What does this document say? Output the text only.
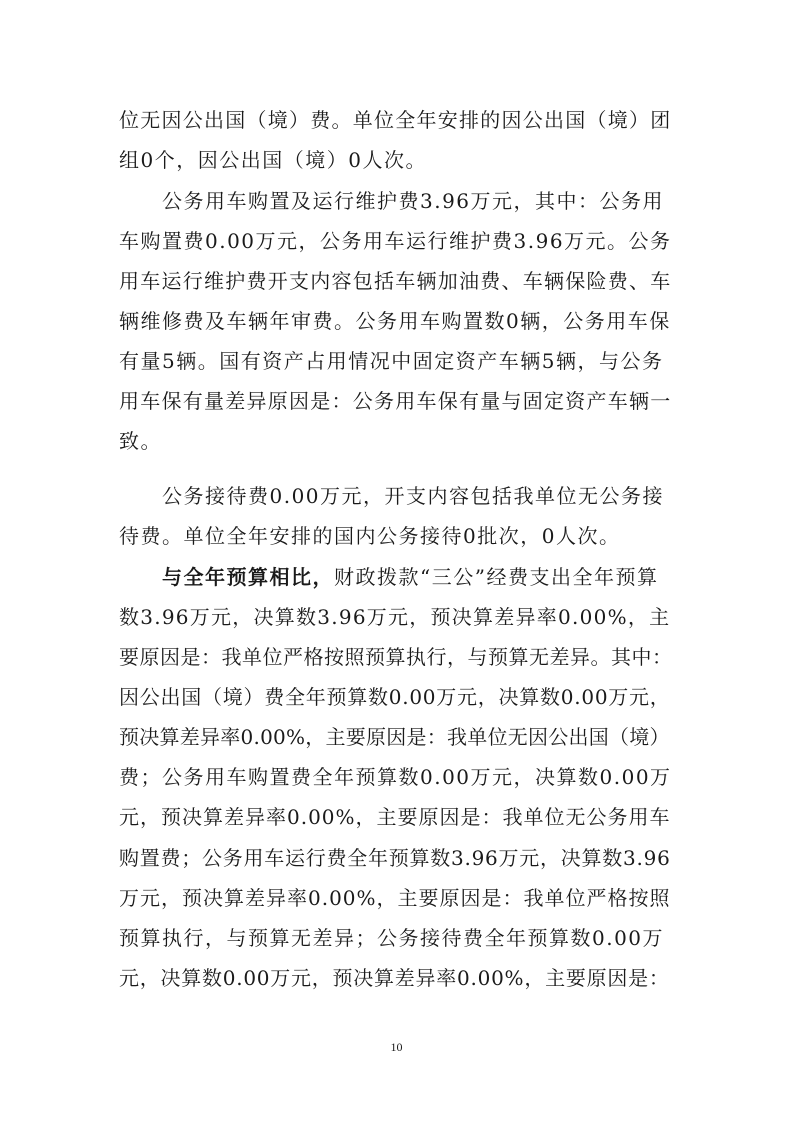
位无因公出国（境）费。单位全年安排的因公出国（境）团
组0个，因公出国（境）0人次。
公务用车购置及运行维护费3.96万元，其中：公务用
车购置费0.00万元，公务用车运行维护费3.96万元。公务
用车运行维护费开支内容包括车辆加油费、车辆保险费、车
辆维修费及车辆年审费。公务用车购置数0辆，公务用车保
有量5辆。国有资产占用情况中固定资产车辆5辆，与公务
用车保有量差异原因是：公务用车保有量与固定资产车辆一
致。
公务接待费0.00万元，开支内容包括我单位无公务接
待费。单位全年安排的国内公务接待0批次，0人次。
与全年预算相比，财政拨款“三公”经费支出全年预算
数3.96万元，决算数3.96万元，预决算差异率0.00%，主
要原因是：我单位严格按照预算执行，与预算无差异。其中：
因公出国（境）费全年预算数0.00万元，决算数0.00万元，
预决算差异率0.00%，主要原因是：我单位无因公出国（境）
费；公务用车购置费全年预算数0.00万元，决算数0.00万
元，预决算差异率0.00%，主要原因是：我单位无公务用车
购置费；公务用车运行费全年预算数3.96万元，决算数3.96
万元，预决算差异率0.00%，主要原因是：我单位严格按照
预算执行，与预算无差异；公务接待费全年预算数0.00万
元，决算数0.00万元，预决算差异率0.00%，主要原因是：
10
